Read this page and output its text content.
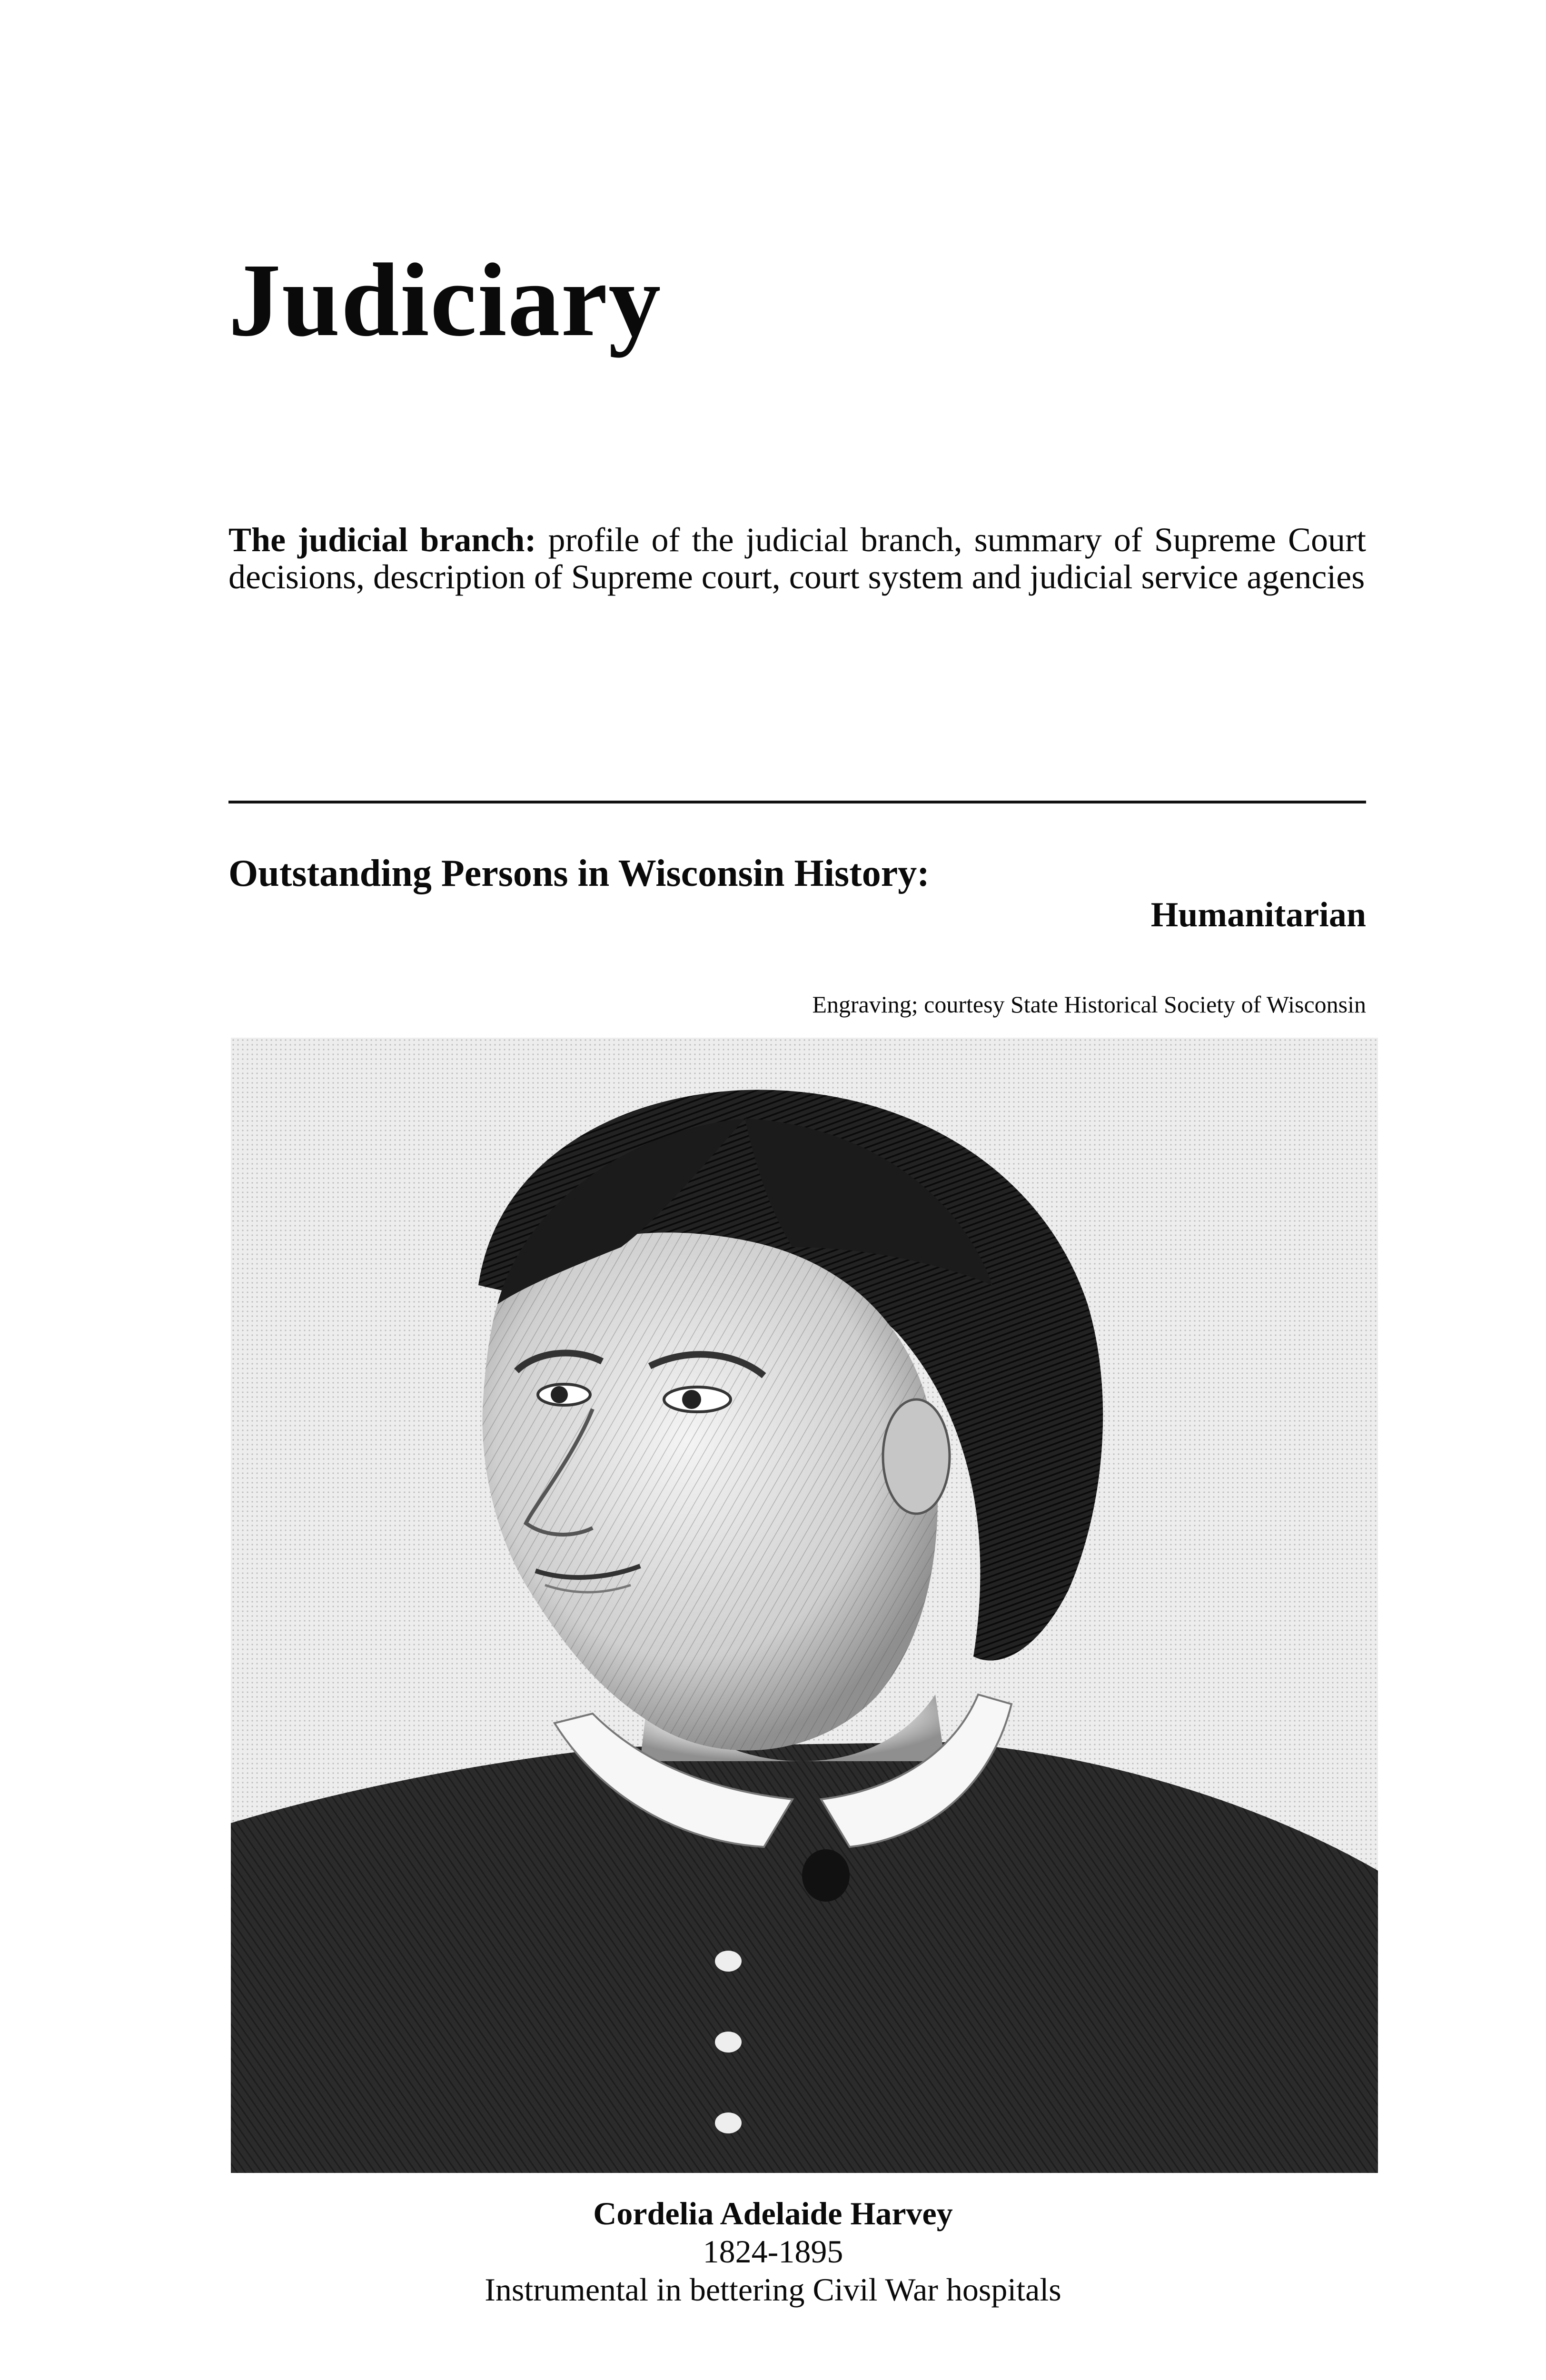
Judiciary

The judicial branch: profile of the judicial branch, summary of Supreme Court decisions, description of Supreme court, court system and judicial service agencies

Outstanding Persons in Wisconsin History:
Humanitarian

Engraving; courtesy State Historical Society of Wisconsin

Cordelia Adelaide Harvey
1824-1895
Instrumental in bettering Civil War hospitals
